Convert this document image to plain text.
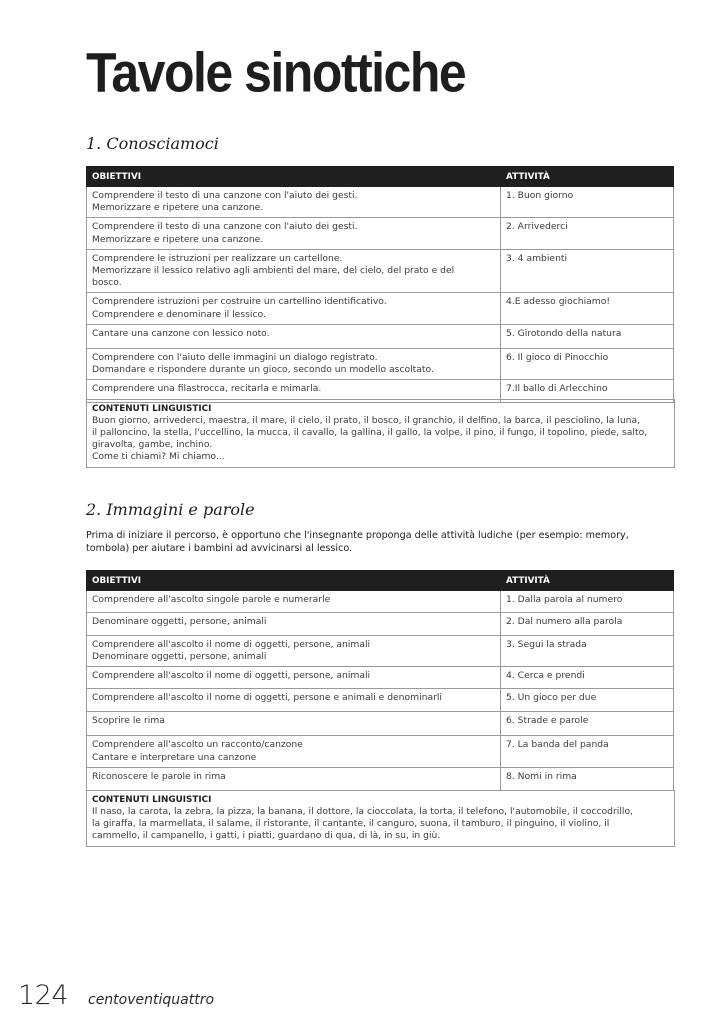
Tavole sinottiche
1. Conosciamoci
OBIETTIVI	ATTIVITÀ

Comprendere il testo di una canzone con l'aiuto dei gesti.
Memorizzare e ripetere una canzone.	1. Buon giorno

Comprendere il testo di una canzone con l'aiuto dei gesti.
Memorizzare e ripetere una canzone.	2. Arrivederci

Comprendere le istruzioni per realizzare un cartellone.
Memorizzare il lessico relativo agli ambienti del mare, del cielo, del prato e del
bosco.	3. 4 ambienti

Comprendere istruzioni per costruire un cartellino identificativo.
Comprendere e denominare il lessico.	4.E adesso giochiamo!

Cantare una canzone con lessico noto.	5. Girotondo della natura

Comprendere con l'aiuto delle immagini un dialogo registrato.
Domandare e rispondere durante un gioco, secondo un modello ascoltato.	6. Il gioco di Pinocchio

Comprendere una filastrocca, recitarla e mimarla.	7.Il ballo di Arlecchino
CONTENUTI LINGUISTICI
Buon giorno, arrivederci, maestra, il mare, il cielo, il prato, il bosco, il granchio, il delfino, la barca, il pesciolino, la luna,
il palloncino, la stella, l'uccellino, la mucca, il cavallo, la gallina, il gallo, la volpe, il pino, il fungo, il topolino, piede, salto,
giravolta, gambe, inchino.
Come ti chiami? Mi chiamo...
2. Immagini e parole

Prima di iniziare il percorso, è opportuno che l'insegnante proponga delle attività ludiche (per esempio: memory, tombola) per aiutare i bambini ad avvicinarsi al lessico.

OBIETTIVI	ATTIVITÀ

Comprendere all'ascolto singole parole e numerarle	1. Dalla parola al numero

Denominare oggetti, persone, animali	2. Dal numero alla parola

Comprendere all'ascolto il nome di oggetti, persone, animali
Denominare oggetti, persone, animali	3. Segui la strada

Comprendere all'ascolto il nome di oggetti, persone, animali	4. Cerca e prendi

Comprendere all'ascolto il nome di oggetti, persone e animali e denominarli	5. Un gioco per due

Scoprire le rima	6. Strade e parole

Comprendere all'ascolto un racconto/canzone
Cantare e interpretare una canzone	7. La banda del panda

Riconoscere le parole in rima	8. Nomi in rima
CONTENUTI LINGUISTICI
Il naso, la carota, la zebra, la pizza, la banana, il dottore, la cioccolata, la torta, il telefono, l'automobile, il coccodrillo,
la giraffa, la marmellata, il salame, il ristorante, il cantante, il canguro, suona, il tamburo, il pinguino, il violino, il
cammello, il campanello, i gatti, i piatti, guardano di qua, di là, in su, in giù.
124 centoventiquattro
